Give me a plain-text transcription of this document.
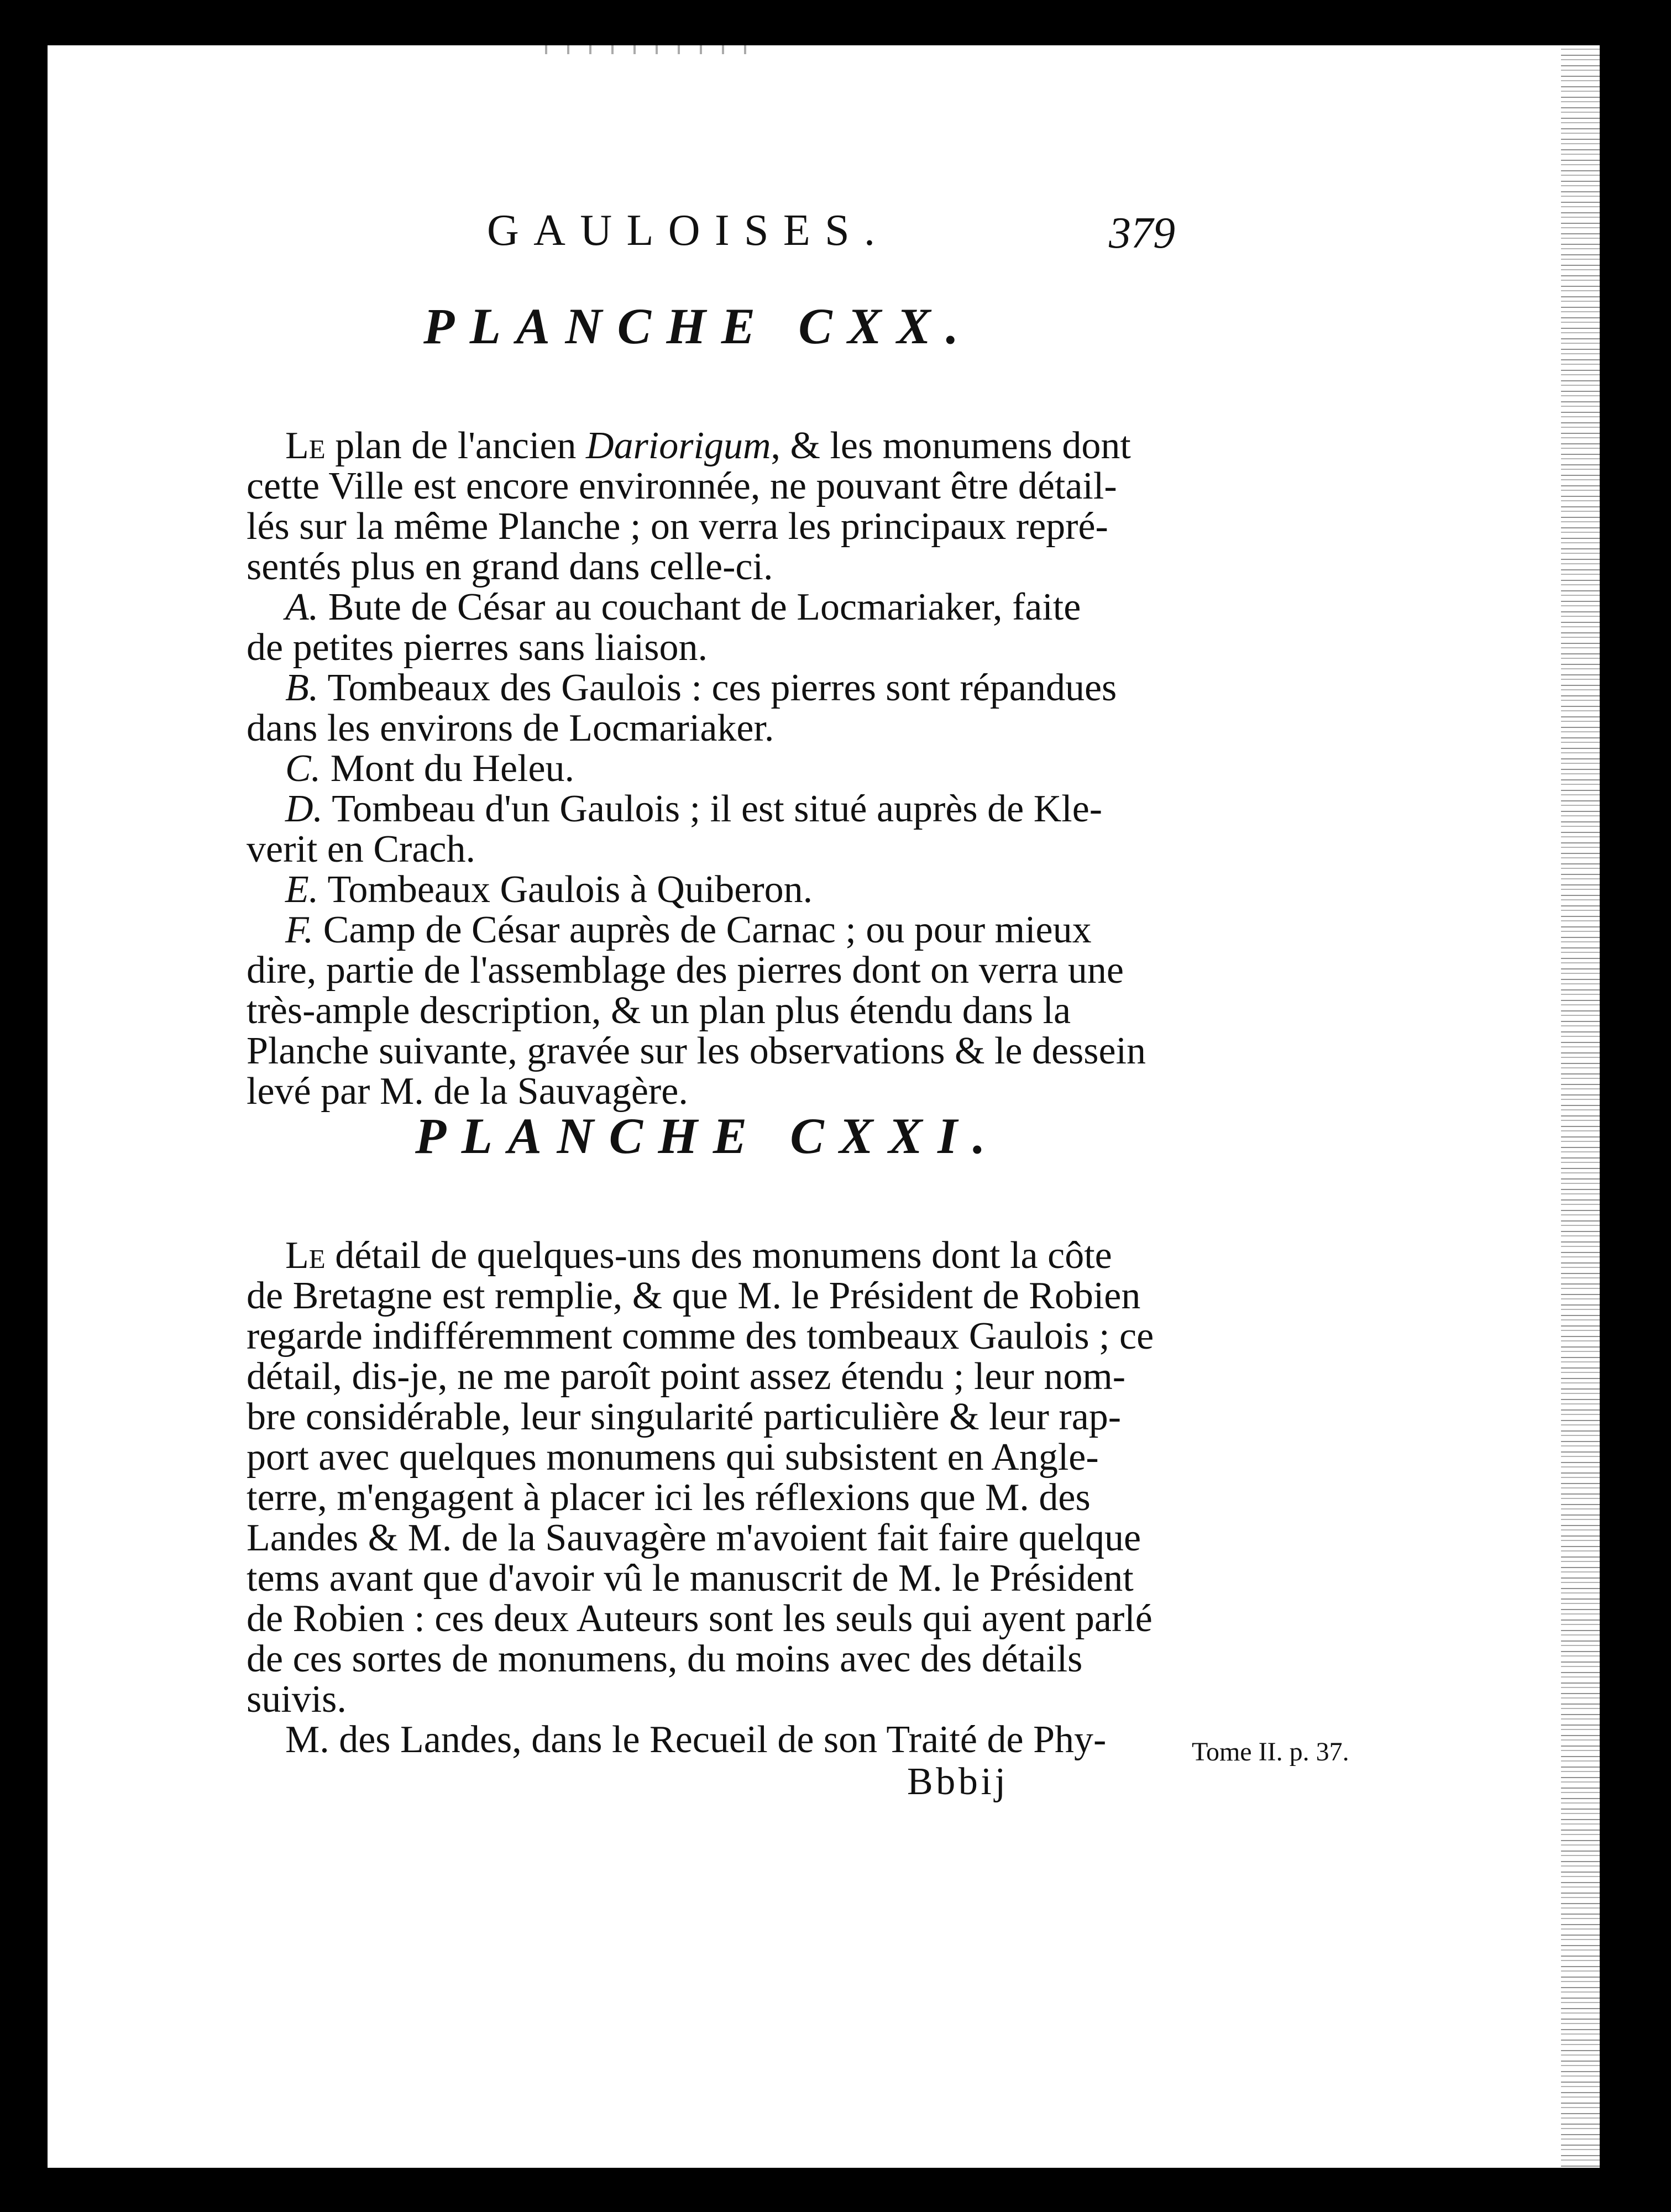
GAULOISES.	379
PLANCHE CXX.
Le plan de l'ancien Dariorigum, & les monumens dont
cette Ville est encore environnée, ne pouvant être détail-
lés sur la même Planche ; on verra les principaux repré-
sentés plus en grand dans celle-ci.
A. Bute de César au couchant de Locmariaker, faite
de petites pierres sans liaison.
B. Tombeaux des Gaulois : ces pierres sont répandues
dans les environs de Locmariaker.
C. Mont du Heleu.
D. Tombeau d'un Gaulois ; il est situé auprès de Kle-
verit en Crach.
E. Tombeaux Gaulois à Quiberon.
F. Camp de César auprès de Carnac ; ou pour mieux
dire, partie de l'assemblage des pierres dont on verra une
très-ample description, & un plan plus étendu dans la
Planche suivante, gravée sur les observations & le dessein
levé par M. de la Sauvagère.
PLANCHE CXXI.
Le détail de quelques-uns des monumens dont la côte
de Bretagne est remplie, & que M. le Président de Robien
regarde indifféremment comme des tombeaux Gaulois ; ce
détail, dis-je, ne me paroît point assez étendu ; leur nom-
bre considérable, leur singularité particulière & leur rap-
port avec quelques monumens qui subsistent en Angle-
terre, m'engagent à placer ici les réflexions que M. des
Landes & M. de la Sauvagère m'avoient fait faire quelque
tems avant que d'avoir vû le manuscrit de M. le Président
de Robien : ces deux Auteurs sont les seuls qui ayent parlé
de ces sortes de monumens, du moins avec des détails
suivis.
M. des Landes, dans le Recueil de son Traité de Phy-
Bbbij
Tome II. p. 37.
